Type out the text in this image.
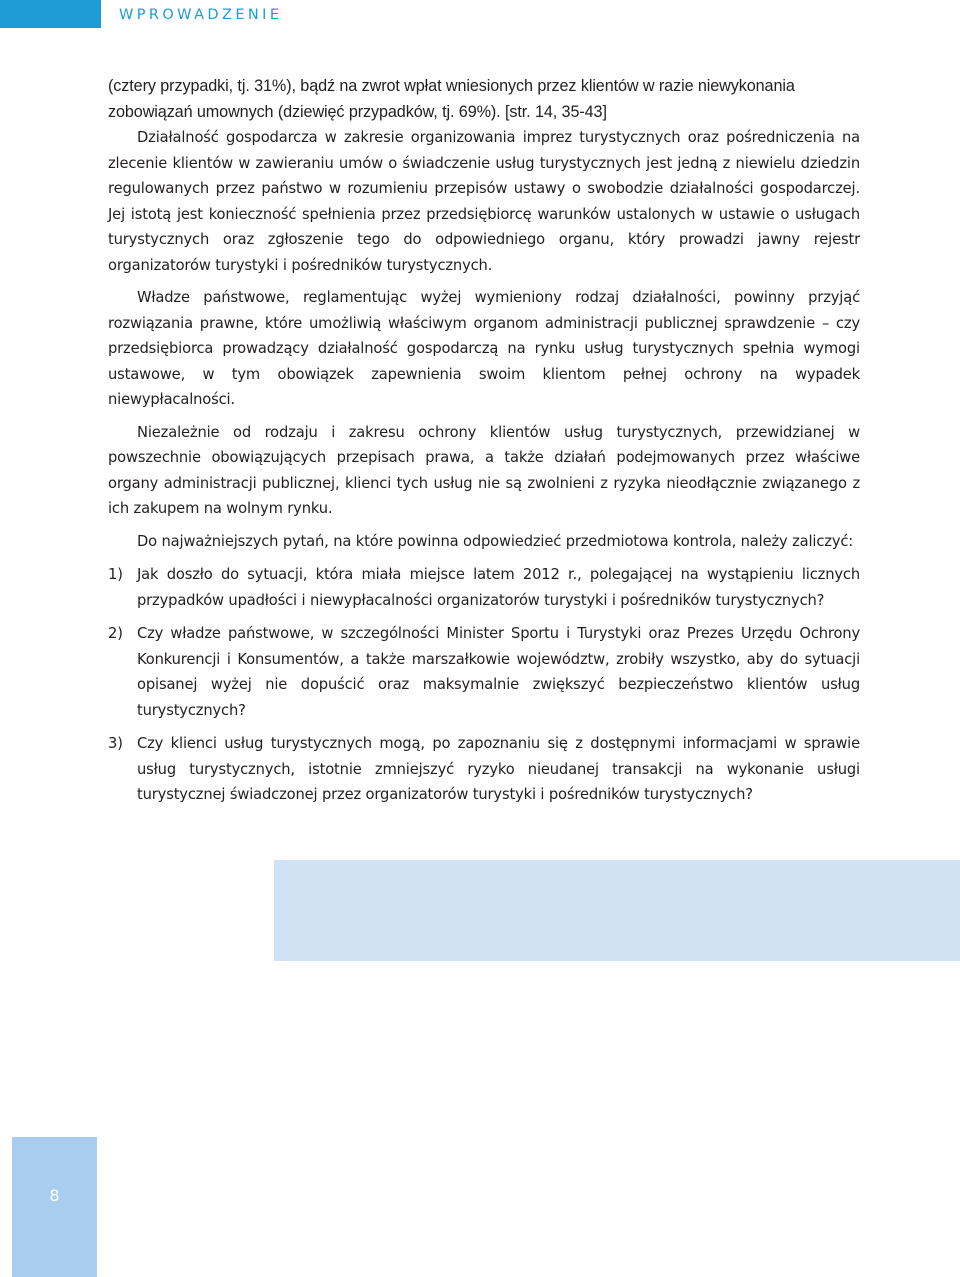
WPROWADZENIE

(cztery przypadki, tj. 31%), bądź na zwrot wpłat wniesionych przez klientów w razie niewykonania zobowiązań umownych (dziewięć przypadków, tj. 69%). [str. 14, 35-43]

Działalność gospodarcza w zakresie organizowania imprez turystycznych oraz pośredniczenia na zlecenie klientów w zawieraniu umów o świadczenie usług turystycznych jest jedną z niewielu dziedzin regulowanych przez państwo w rozumieniu przepisów ustawy o swobodzie działalności gospodarczej. Jej istotą jest konieczność spełnienia przez przedsiębiorcę warunków ustalonych w ustawie o usługach turystycznych oraz zgłoszenie tego do odpowiedniego organu, który prowadzi jawny rejestr organizatorów turystyki i pośredników turystycznych.

Władze państwowe, reglamentując wyżej wymieniony rodzaj działalności, powinny przyjąć rozwiązania prawne, które umożliwią właściwym organom administracji publicznej sprawdzenie – czy przedsiębiorca prowadzący działalność gospodarczą na rynku usług turystycznych spełnia wymogi ustawowe, w tym obowiązek zapewnienia swoim klientom pełnej ochrony na wypadek niewypłacalności.

Niezależnie od rodzaju i zakresu ochrony klientów usług turystycznych, przewidzianej w powszechnie obowiązujących przepisach prawa, a także działań podejmowanych przez właściwe organy administracji publicznej, klienci tych usług nie są zwolnieni z ryzyka nieodłącznie związanego z ich zakupem na wolnym rynku.

Do najważniejszych pytań, na które powinna odpowiedzieć przedmiotowa kontrola, należy zaliczyć:

1) Jak doszło do sytuacji, która miała miejsce latem 2012 r., polegającej na wystąpieniu licznych przypadków upadłości i niewypłacalności organizatorów turystyki i pośredników turystycznych?
2) Czy władze państwowe, w szczególności Minister Sportu i Turystyki oraz Prezes Urzędu Ochrony Konkurencji i Konsumentów, a także marszałkowie województw, zrobiły wszystko, aby do sytuacji opisanej wyżej nie dopuścić oraz maksymalnie zwiększyć bezpieczeństwo klientów usług turystycznych?
3) Czy klienci usług turystycznych mogą, po zapoznaniu się z dostępnymi informacjami w sprawie usług turystycznych, istotnie zmniejszyć ryzyko nieudanej transakcji na wykonanie usługi turystycznej świadczonej przez organizatorów turystyki i pośredników turystycznych?
8
